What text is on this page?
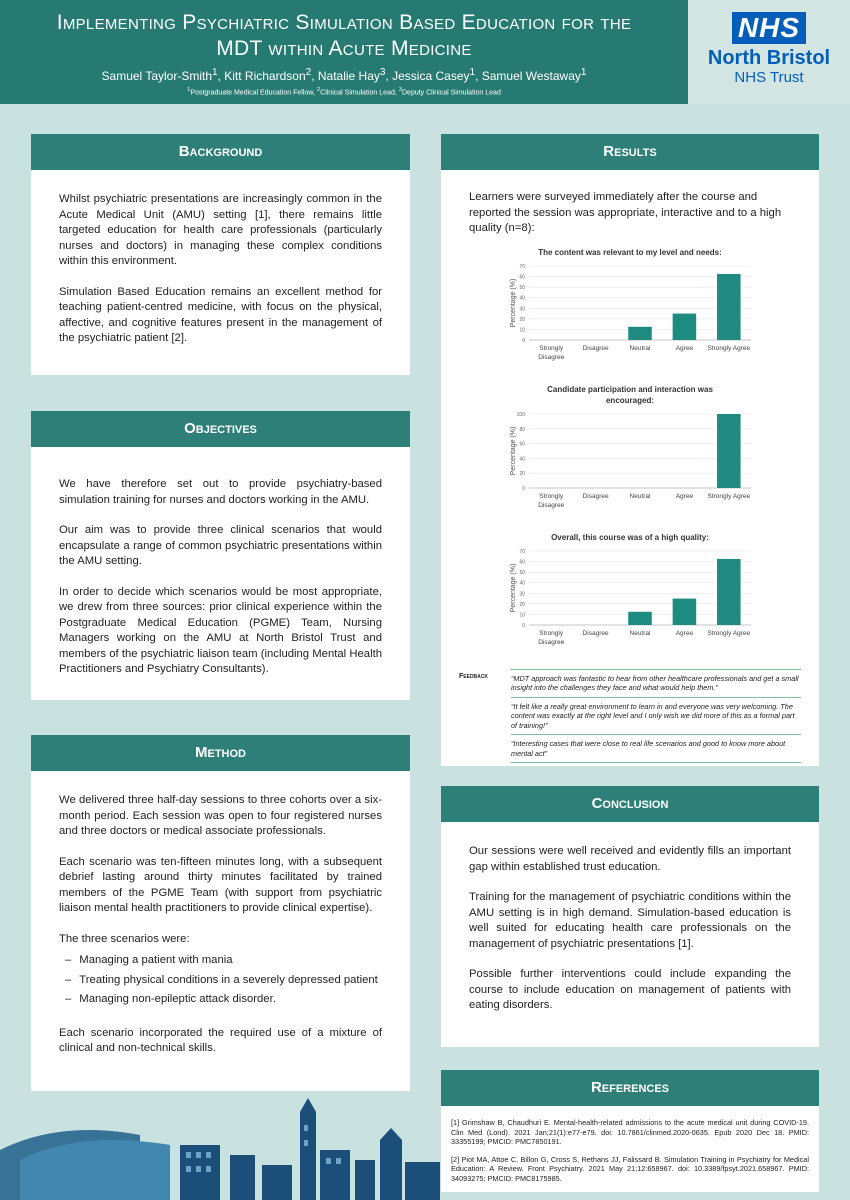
Implementing Psychiatric Simulation Based Education for the
MDT within Acute Medicine
Samuel Taylor-Smith$^1$, Kitt Richardson$^2$, Natalie Hay$^3$, Jessica Casey$^1$, Samuel Westaway$^1$
$^1$Postgraduate Medical Education Fellow, $^2$Clinical Simulation Lead, $^3$Deputy Clinical Simulation Lead
NHS
North Bristol
NHS Trust
Background

Whilst psychiatric presentations are increasingly common in the Acute Medical Unit (AMU) setting [1], there remains little targeted education for health care professionals (particularly nurses and doctors) in managing these complex conditions within this environment.

Simulation Based Education remains an excellent method for teaching patient-centred medicine, with focus on the physical, affective, and cognitive features present in the management of the psychiatric patient [2].

Objectives

We have therefore set out to provide psychiatry-based simulation training for nurses and doctors working in the AMU.

Our aim was to provide three clinical scenarios that would encapsulate a range of common psychiatric presentations within the AMU setting.

In order to decide which scenarios would be most appropriate, we drew from three sources: prior clinical experience within the Postgraduate Medical Education (PGME) Team, Nursing Managers working on the AMU at North Bristol Trust and members of the psychiatric liaison team (including Mental Health Practitioners and Psychiatry Consultants).

Method

We delivered three half-day sessions to three cohorts over a six-month period. Each session was open to four registered nurses and three doctors or medical associate professionals.

Each scenario was ten-fifteen minutes long, with a subsequent debrief lasting around thirty minutes facilitated by trained members of the PGME Team (with support from psychiatric liaison mental health practitioners to provide clinical expertise).

The three scenarios were:

– Managing a patient with mania
– Treating physical conditions in a severely depressed patient
– Managing non-epileptic attack disorder.

Each scenario incorporated the required use of a mixture of clinical and non-technical skills.

Results

Learners were surveyed immediately after the course and reported the session was appropriate, interactive and to a high quality (n=8):

The content was relevant to my level and needs:
Percentage (%)
0
10
20
30
40
50
60
70
Strongly Disagree
Disagree	Neutral	Agree Strongly Agree
Candidate participation and interaction was encouraged:
Percentage (%)
0
20
40
60
80
100
Strongly Disagree
Disagree	Neutral	Agree Strongly Agree
Overall, this course was of a high quality:
Percentage (%)
0
10
20
30
40
50
60
70
Strongly Disagree
Disagree	Neutral	Agree Strongly Agree
Feedback	“MDT approach was fantastic to hear from other healthcare professionals and get a small insight into the challenges they face and what would help them.”
“It felt like a really great environment to learn in and everyone was very welcoming. The content was exactly at the right level and I only wish we did more of this as a formal part of training!”
“Interesting cases that were close to real life scenarios and good to know more about mental act”
Conclusion

Our sessions were well received and evidently fills an important gap within established trust education.

Training for the management of psychiatric conditions within the AMU setting is in high demand. Simulation-based education is well suited for educating health care professionals on the management of psychiatric presentations [1].

Possible further interventions could include expanding the course to include education on management of patients with eating disorders.

References

[1] Grimshaw B, Chaudhuri E. Mental-health-related admissions to the acute medical unit during COVID-19. Clin Med (Lond). 2021 Jan;21(1):e77-e79. doi: 10.7861/clinmed.2020-0635. Epub 2020 Dec 18. PMID: 33355199; PMCID: PMC7850191.

[2] Piot MA, Attoe C, Billon G, Cross S, Rethans JJ, Falissard B. Simulation Training in Psychiatry for Medical Education: A Review. Front Psychiatry. 2021 May 21;12:658967. doi: 10.3389/fpsyt.2021.658967. PMID: 34093275; PMCID: PMC8175985.
